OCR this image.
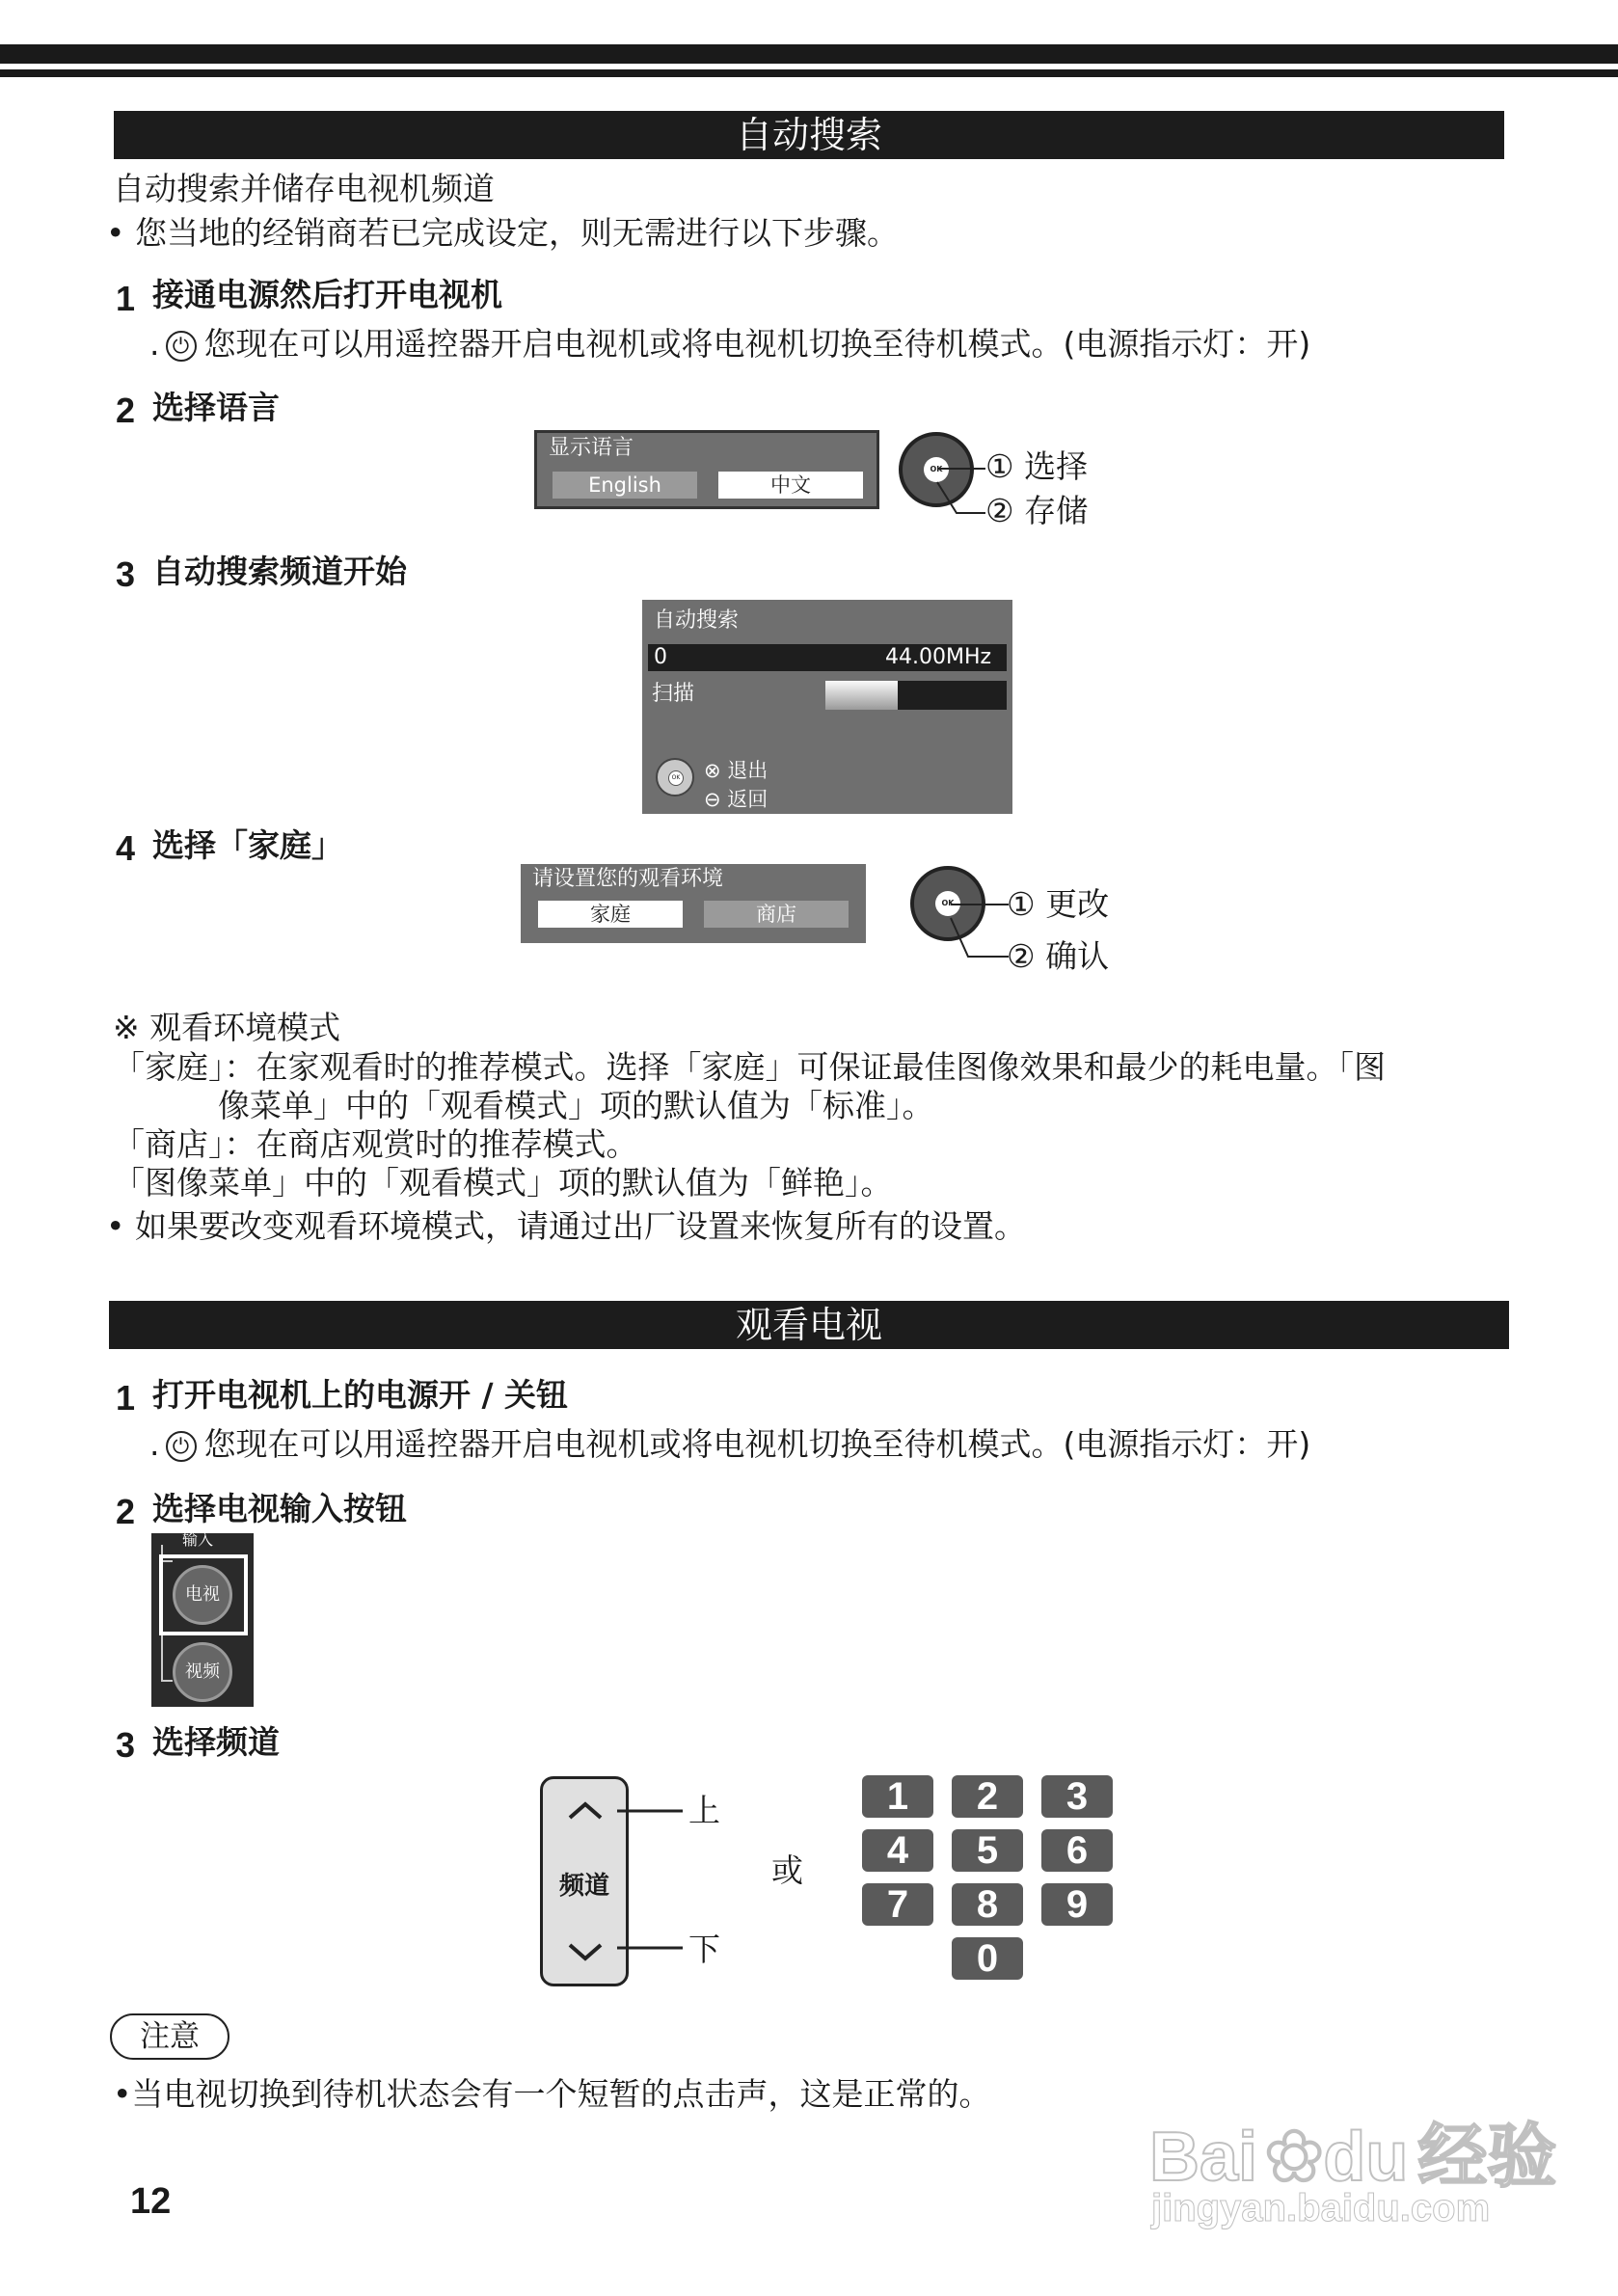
自动搜索
自动搜索并储存电视机频道
• 您当地的经销商若已完成设定，则无需进行以下步骤。
1 接通电源然后打开电视机
. ⏻ 您现在可以用遥控器开启电视机或将电视机切换至待机模式。(电源指示灯：开)
2 选择语言
显示语言
English	中文
OK ① 选择
② 存储
3 自动搜索频道开始
自动搜索
0	44.00MHz
扫描
OK ⊗ 退出
⊖ 返回
4 选择「家庭」
请设置您的观看环境
家庭	商店	OK ① 更改
② 确认
※ 观看环境模式
「家庭」：在家观看时的推荐模式。选择「家庭」可保证最佳图像效果和最少的耗电量。「图
像菜单」中的「观看模式」项的默认值为「标准」。
「商店」：在商店观赏时的推荐模式。
「图像菜单」中的「观看模式」项的默认值为「鲜艳」。
• 如果要改变观看环境模式，请通过出厂设置来恢复所有的设置。
观看电视
1 打开电视机上的电源开 / 关钮
. ⏻ 您现在可以用遥控器开启电视机或将电视机切换至待机模式。(电源指示灯：开)
2 选择电视输入按钮
输入
电视
视频
3 选择频道
频道
上
下
或
1	2	3
4	5	6
7	8	9
0
注意
•当电视切换到待机状态会有一个短暂的点击声，这是正常的。
12
Bai ✿du 经验
jingyan.baidu.com
